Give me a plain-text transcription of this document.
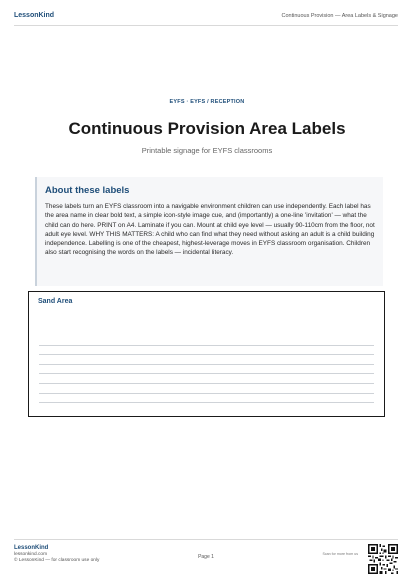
LessonKind	Continuous Provision — Area Labels & Signage
EYFS · EYFS / RECEPTION
Continuous Provision Area Labels
Printable signage for EYFS classrooms
About these labels

These labels turn an EYFS classroom into a navigable environment children can use independently. Each label has the area name in clear bold text, a simple icon-style image cue, and (importantly) a one-line 'invitation' — what the child can do here. PRINT on A4. Laminate if you can. Mount at child eye level — usually 90-110cm from the floor, not adult eye level. WHY THIS MATTERS: A child who can find what they need without asking an adult is a child building independence. Labelling is one of the cheapest, highest-leverage moves in EYFS classroom organisation. Children also start recognising the words on the labels — incidental literacy.

Sand Area
LessonKind
lessonkind.com
© LessonKind — for classroom use only
Page 1	Scan for more from us
